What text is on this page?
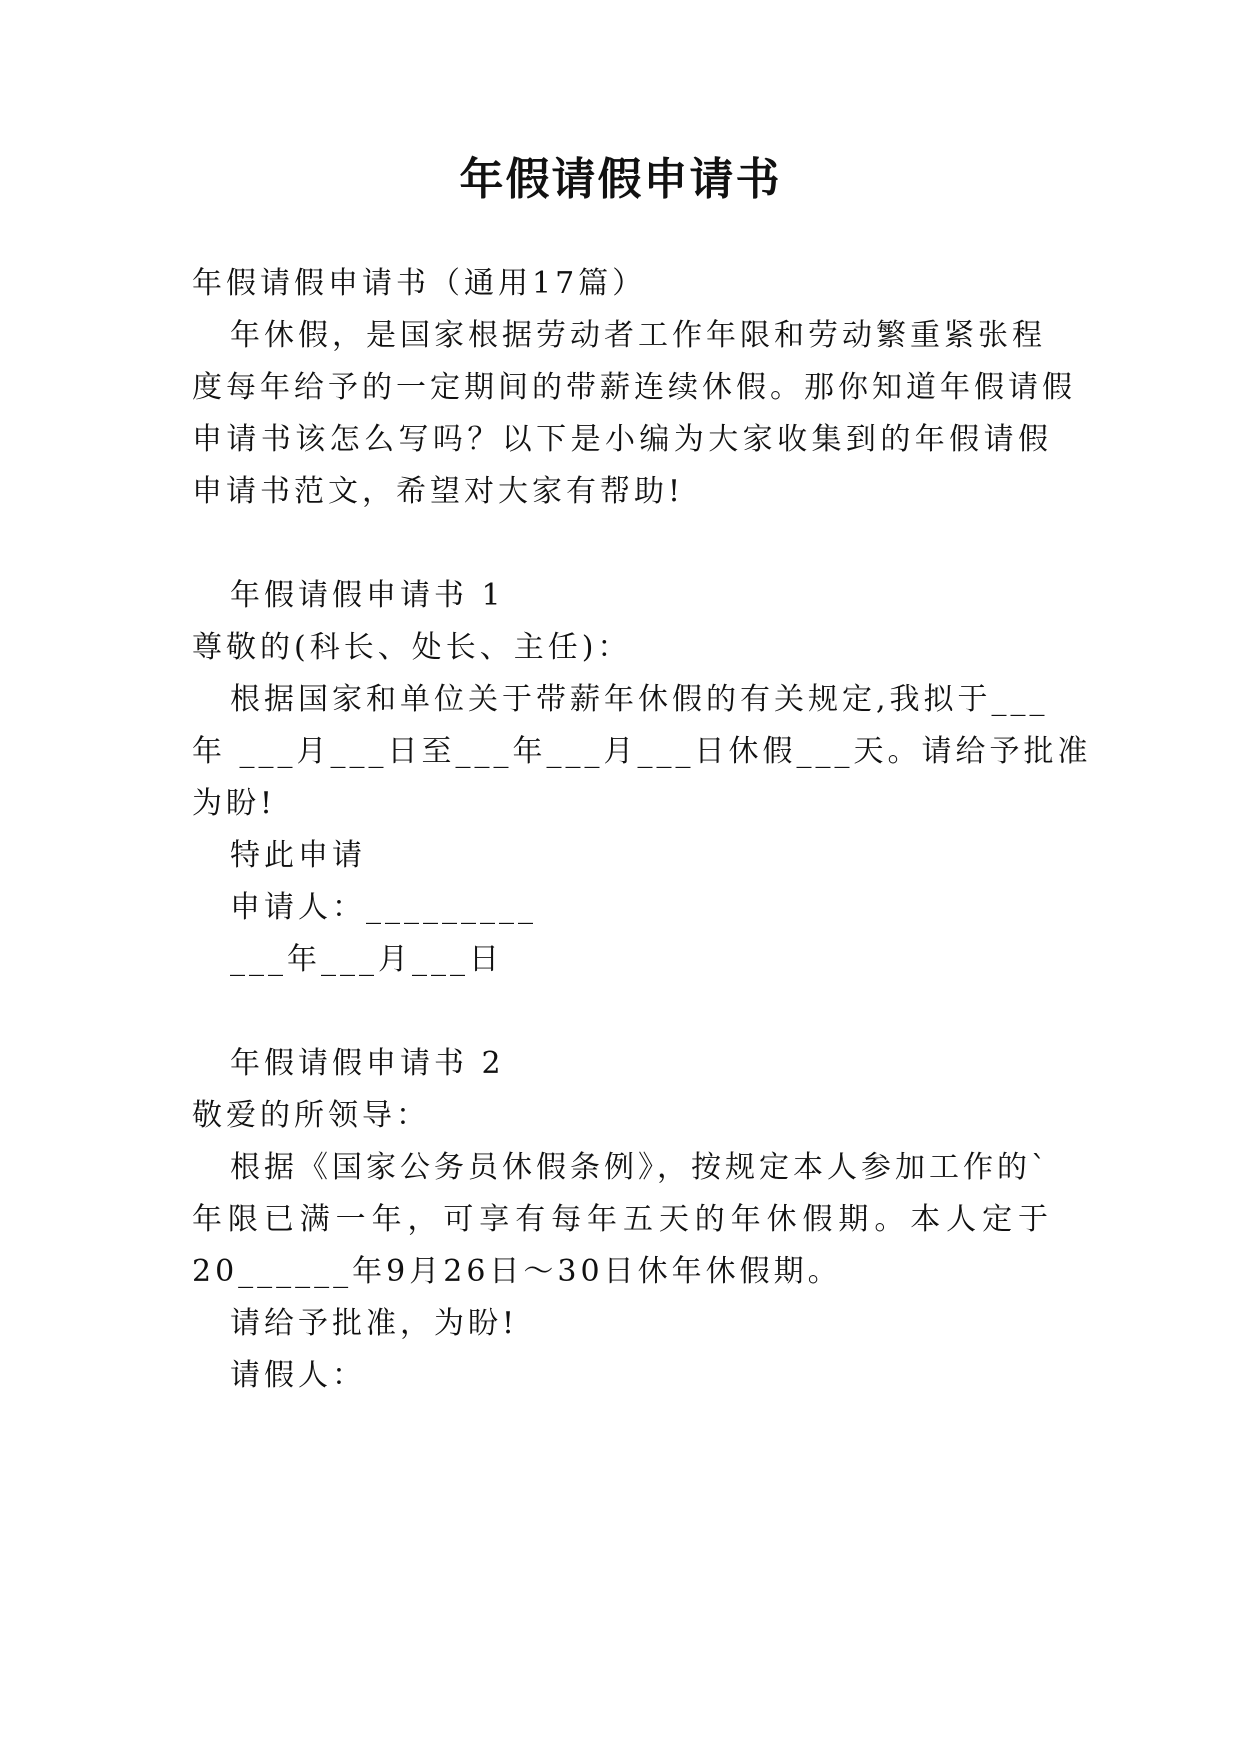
年假请假申请书
年假请假申请书（通用17篇）
年休假，是国家根据劳动者工作年限和劳动繁重紧张程
度每年给予的一定期间的带薪连续休假。那你知道年假请假
申请书该怎么写吗？以下是小编为大家收集到的年假请假
申请书范文，希望对大家有帮助!
年假请假申请书 1
尊敬的(科长、处长、主任)：
根据国家和单位关于带薪年休假的有关规定,我拟于___
年 ___月___日至___年___月___日休假___天。请给予批准
为盼!
特此申请
申请人：_________
___年___月___日
年假请假申请书 2
敬爱的所领导：
根据《国家公务员休假条例》，按规定本人参加工作的`
年限已满一年，可享有每年五天的年休假期。本人定于
20______年9月26日～30日休年休假期。
请给予批准，为盼!
请假人：
